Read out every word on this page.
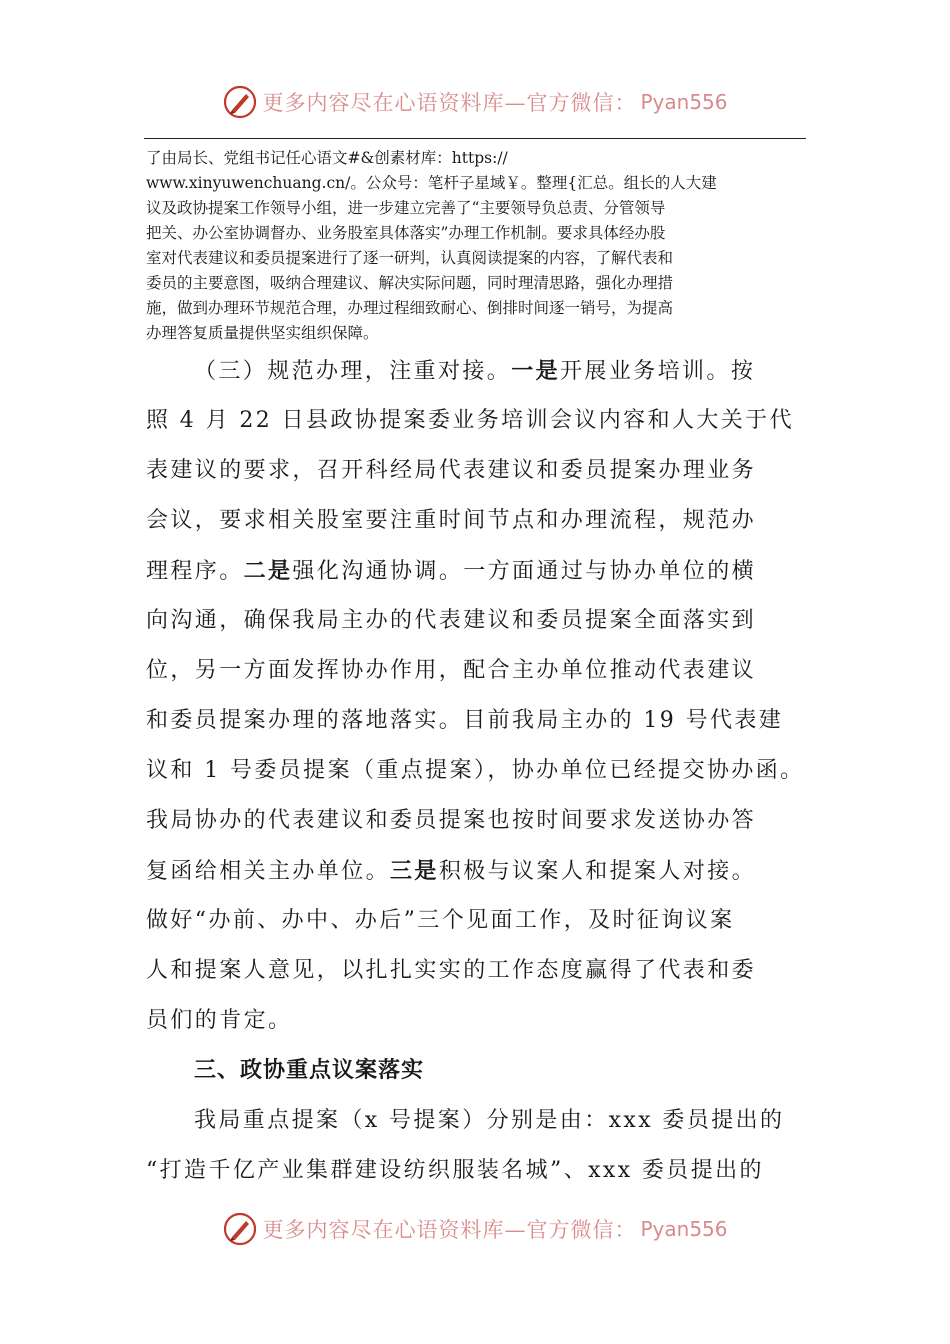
更多内容尽在心语资料库—官方微信： Pyan556
了由局长、党组书记任心语文#&创素材库：https://
www.xinyuwenchuang.cn/。公众号：笔杆子星域￥。整理{汇总。组长的人大建
议及政协提案工作领导小组，进一步建立完善了“主要领导负总责、分管领导
把关、办公室协调督办、业务股室具体落实”办理工作机制。要求具体经办股
室对代表建议和委员提案进行了逐一研判，认真阅读提案的内容，了解代表和
委员的主要意图，吸纳合理建议、解决实际问题，同时理清思路，强化办理措
施，做到办理环节规范合理，办理过程细致耐心、倒排时间逐一销号，为提高
办理答复质量提供坚实组织保障。
（三）规范办理，注重对接。一是开展业务培训。按
照 4 月 22 日县政协提案委业务培训会议内容和人大关于代
表建议的要求，召开科经局代表建议和委员提案办理业务
会议，要求相关股室要注重时间节点和办理流程，规范办
理程序。二是强化沟通协调。一方面通过与协办单位的横
向沟通，确保我局主办的代表建议和委员提案全面落实到
位，另一方面发挥协办作用，配合主办单位推动代表建议
和委员提案办理的落地落实。目前我局主办的 19 号代表建
议和 1 号委员提案（重点提案），协办单位已经提交协办函。
我局协办的代表建议和委员提案也按时间要求发送协办答
复函给相关主办单位。三是积极与议案人和提案人对接。
做好“办前、办中、办后”三个见面工作，及时征询议案
人和提案人意见，以扎扎实实的工作态度赢得了代表和委
员们的肯定。
三、政协重点议案落实
我局重点提案（x 号提案）分别是由：xxx 委员提出的
“打造千亿产业集群建设纺织服装名城”、xxx 委员提出的
更多内容尽在心语资料库—官方微信： Pyan556
